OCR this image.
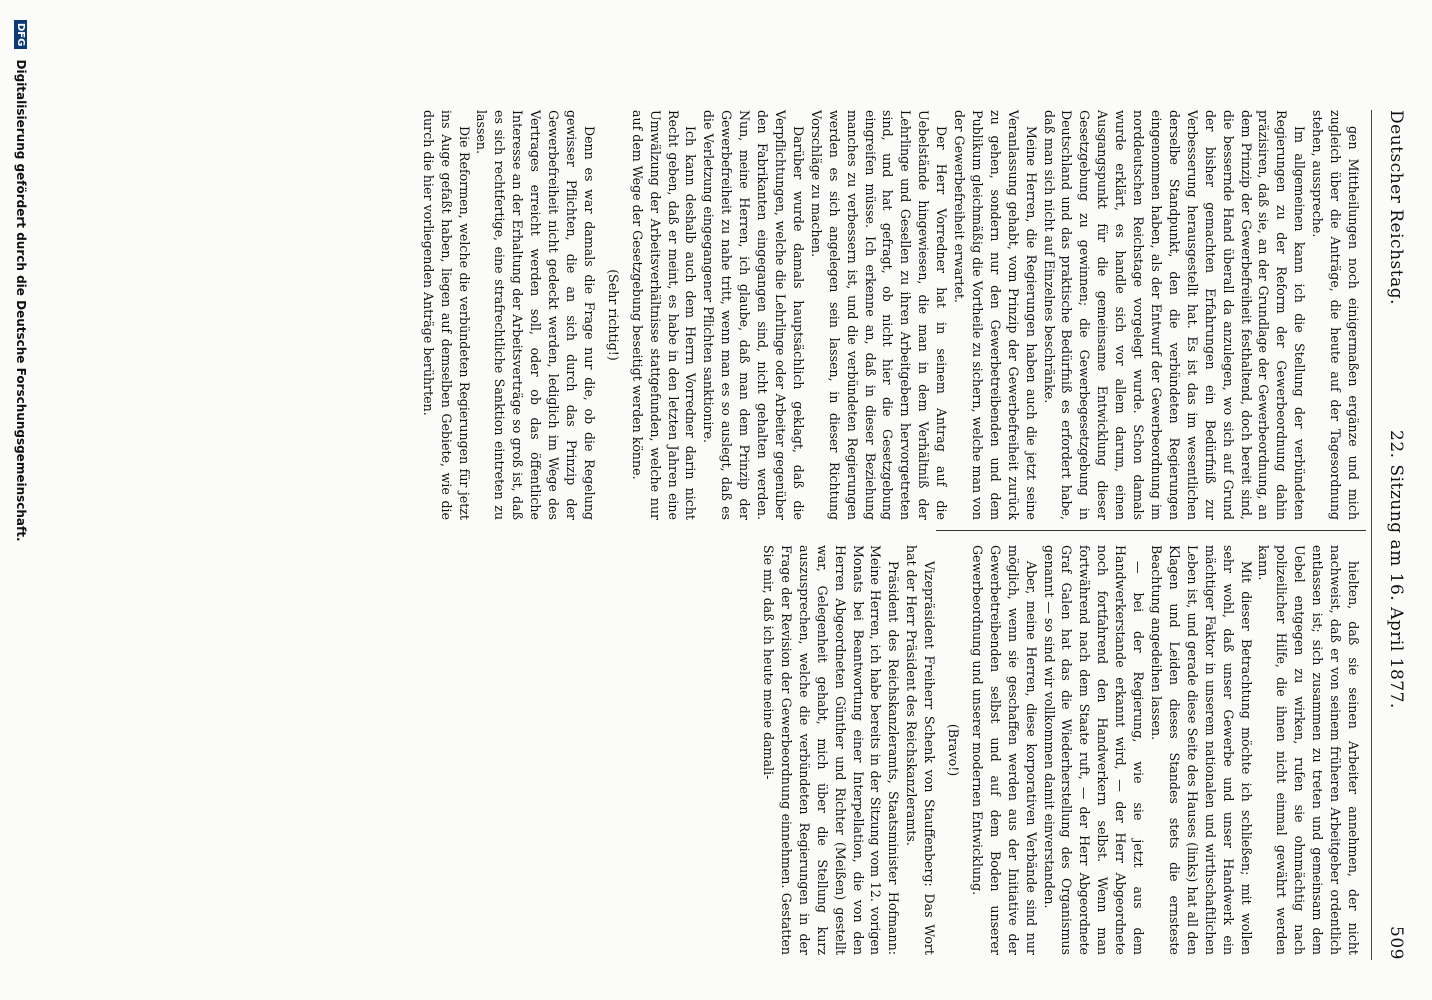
Deutscher Reichstag.
22. Sitzung am 16. April 1877.
509

gen Mittheilungen noch einigermaßen ergänze und mich zugleich über die Anträge, die heute auf der Tagesordnung stehen, ausspreche.

Im allgemeinen kann ich die Stellung der verbündeten Regierungen zu der Reform der Gewerbeordnung dahin präzisiren, daß sie, an der Grundlage der Gewerbeordnung, an dem Prinzip der Gewerbefreiheit festhaltend, doch bereit sind, die bessernde Hand überall da anzulegen, wo sich auf Grund der bisher gemachten Erfahrungen ein Bedürfniß zur Verbesserung herausgestellt hat. Es ist das im wesentlichen derselbe Standpunkt, den die verbündeten Regierungen eingenommen haben, als der Entwurf der Gewerbeordnung im norddeutschen Reichstage vorgelegt wurde. Schon damals wurde erklärt, es handle sich vor allem darum, einen Ausgangspunkt für die gemeinsame Entwicklung dieser Gesetzgebung zu gewinnen; die Gewerbegesetzgebung in Deutschland und das praktische Bedürfniß es erfordert habe, daß man sich nicht auf Einzelnes beschränke.

Meine Herren, die Regierungen haben auch die jetzt seine Veranlassung gehabt, vom Prinzip der Gewerbefreiheit zurück zu gehen, sondern nur den Gewerbetreibenden und dem Publikum gleichmäßig die Vortheile zu sichern, welche man von der Gewerbefreiheit erwartet.

Der Herr Vorredner hat in seinem Antrag auf die Uebelstände hingewiesen, die man in dem Verhältniß der Lehrlinge und Gesellen zu ihren Arbeitgebern hervorgetreten sind, und hat gefragt, ob nicht hier die Gesetzgebung eingreifen müsse. Ich erkenne an, daß in dieser Beziehung manches zu verbessern ist, und die verbündeten Regierungen werden es sich angelegen sein lassen, in dieser Richtung Vorschläge zu machen.

Darüber wurde damals hauptsächlich geklagt, daß die Verpflichtungen, welche die Lehrlinge oder Arbeiter gegenüber den Fabrikanten eingegangen sind, nicht gehalten werden. Nun, meine Herren, ich glaube, daß man dem Prinzip der Gewerbefreiheit zu nahe tritt, wenn man es so auslegt, daß es die Verletzung eingegangener Pflichten sanktionire.

Ich kann deshalb auch dem Herrn Vorredner darin nicht Recht geben, daß er meint, es habe in den letzten Jahren eine Umwälzung der Arbeitsverhältnisse stattgefunden, welche nur auf dem Wege der Gesetzgebung beseitigt werden könne.

(Sehr richtig!)

Denn es war damals die Frage nur die, ob die Regelung gewisser Pflichten, die an sich durch das Prinzip der Gewerbefreiheit nicht gedeckt werden, lediglich im Wege des Vertrages erreicht werden soll, oder ob das öffentliche Interesse an der Erhaltung der Arbeitsverträge so groß ist, daß es sich rechtfertige, eine strafrechtliche Sanktion eintreten zu lassen.

Die Reformen, welche die verbündeten Regierungen für jetzt ins Auge gefaßt haben, liegen auf demselben Gebiete, wie die durch die hier vorliegenden Anträge berührten.

hielten, daß sie seinen Arbeiter annehmen, der nicht nachweist, daß er von seinem früheren Arbeitgeber ordentlich entlassen ist; sich zusammen zu treten und gemeinsam dem Uebel entgegen zu wirken, rufen sie ohnmächtig nach polizeilicher Hilfe, die ihnen nicht einmal gewährt werden kann.

Mit dieser Betrachtung möchte ich schließen; mit wollen sehr wohl, daß unser Gewerbe und unser Handwerk ein mächtiger Faktor in unserem nationalen und wirthschaftlichen Leben ist, und gerade diese Seite des Hauses (links) hat all den Klagen und Leiden dieses Standes stets die ernsteste Beachtung angedeihen lassen.

— bei der Regierung, wie sie jetzt aus dem Handwerkerstande erkannt wird, — der Herr Abgeordnete noch fortfahrend den Handwerkern selbst. Wenn man fortwährend nach dem Staate ruft, — der Herr Abgeordnete Graf Galen hat das die Wiederherstellung des Organismus genannt — so sind wir vollkommen damit einverstanden.

Aber, meine Herren, diese korporativen Verbände sind nur möglich, wenn sie geschaffen werden aus der Initiative der Gewerbetreibenden selbst und auf dem Boden unserer Gewerbeordnung und unserer modernen Entwicklung.

(Bravo!)

Vizepräsident Freiherr Schenk von Stauffenberg: Das Wort hat der Herr Präsident des Reichskanzleramts.

Präsident des Reichskanzleramts, Staatsminister Hofmann: Meine Herren, ich habe bereits in der Sitzung vom 12. vorigen Monats bei Beantwortung einer Interpellation, die von den Herren Abgeordneten Günther und Richter (Meißen) gestellt war, Gelegenheit gehabt, mich über die Stellung kurz auszusprechen, welche die verbündeten Regierungen in der Frage der Revision der Gewerbeordnung einnehmen. Gestatten Sie mir, daß ich heute meine damali-

DFG Digitalisierung gefördert durch die Deutsche Forschungsgemeinschaft.
